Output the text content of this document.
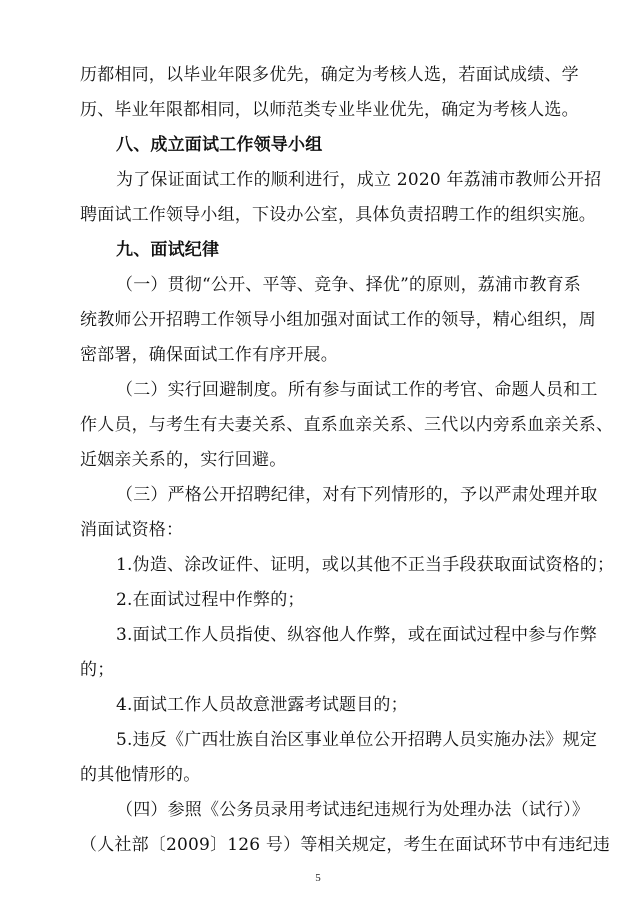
历都相同，以毕业年限多优先，确定为考核人选，若面试成绩、学
历、毕业年限都相同，以师范类专业毕业优先，确定为考核人选。
八、成立面试工作领导小组
为了保证面试工作的顺利进行，成立 2020 年荔浦市教师公开招
聘面试工作领导小组，下设办公室，具体负责招聘工作的组织实施。
九、面试纪律
（一）贯彻“公开、平等、竞争、择优”的原则，荔浦市教育系
统教师公开招聘工作领导小组加强对面试工作的领导，精心组织，周
密部署，确保面试工作有序开展。
（二）实行回避制度。所有参与面试工作的考官、命题人员和工
作人员，与考生有夫妻关系、直系血亲关系、三代以内旁系血亲关系、
近姻亲关系的，实行回避。
（三）严格公开招聘纪律，对有下列情形的，予以严肃处理并取
消面试资格：
1.伪造、涂改证件、证明，或以其他不正当手段获取面试资格的；
2.在面试过程中作弊的；
3.面试工作人员指使、纵容他人作弊，或在面试过程中参与作弊
的；
4.面试工作人员故意泄露考试题目的；
5.违反《广西壮族自治区事业单位公开招聘人员实施办法》规定
的其他情形的。
（四）参照《公务员录用考试违纪违规行为处理办法（试行）》
（人社部〔2009〕126 号）等相关规定，考生在面试环节中有违纪违
5
